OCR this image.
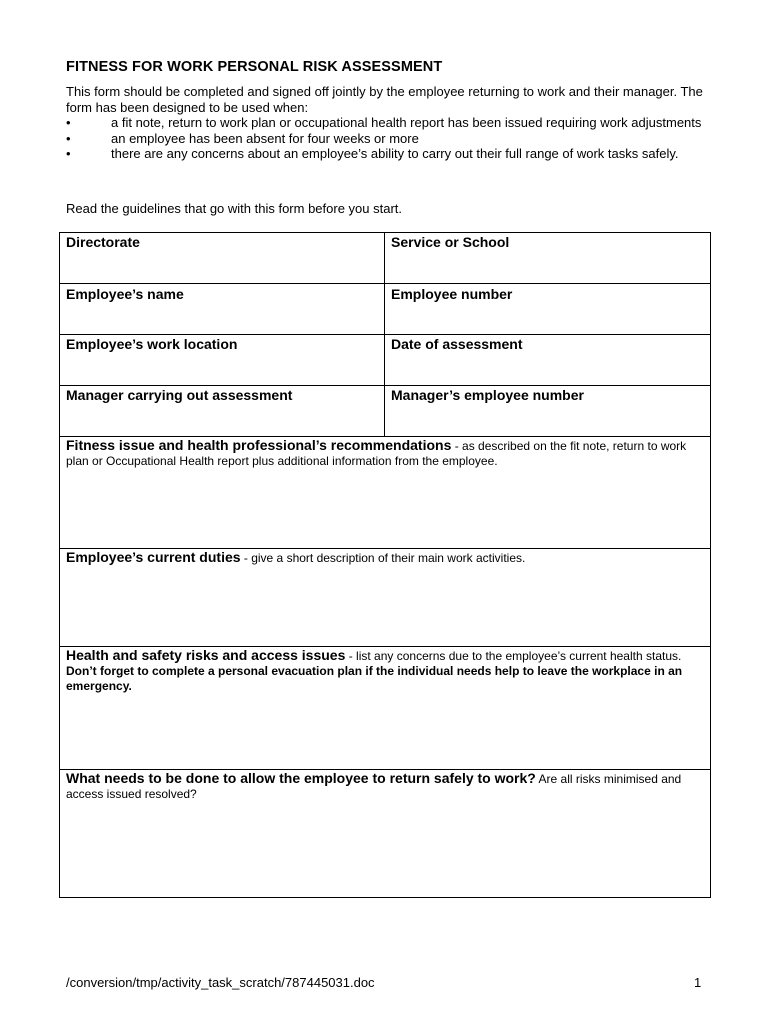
FITNESS FOR WORK PERSONAL RISK ASSESSMENT
This form should be completed and signed off jointly by the employee returning to work and their manager. The form has been designed to be used when:
•	a fit note, return to work plan or occupational health report has been issued requiring work adjustments
•	an employee has been absent for four weeks or more
•	there are any concerns about an employee’s ability to carry out their full range of work tasks safely.
Read the guidelines that go with this form before you start.
Directorate	Service or School

Employee’s name	Employee number

Employee’s work location	Date of assessment

Manager carrying out assessment	Manager’s employee number

Fitness issue and health professional’s recommendations - as described on the fit note, return to work plan or Occupational Health report plus additional information from the employee.	

Employee’s current duties - give a short description of their main work activities.	

Health and safety risks and access issues - list any concerns due to the employee’s current health status. Don’t forget to complete a personal evacuation plan if the individual needs help to leave the workplace in an emergency.	

What needs to be done to allow the employee to return safely to work? Are all risks minimised and access issued resolved?	
/conversion/tmp/activity_task_scratch/787445031.doc	1
